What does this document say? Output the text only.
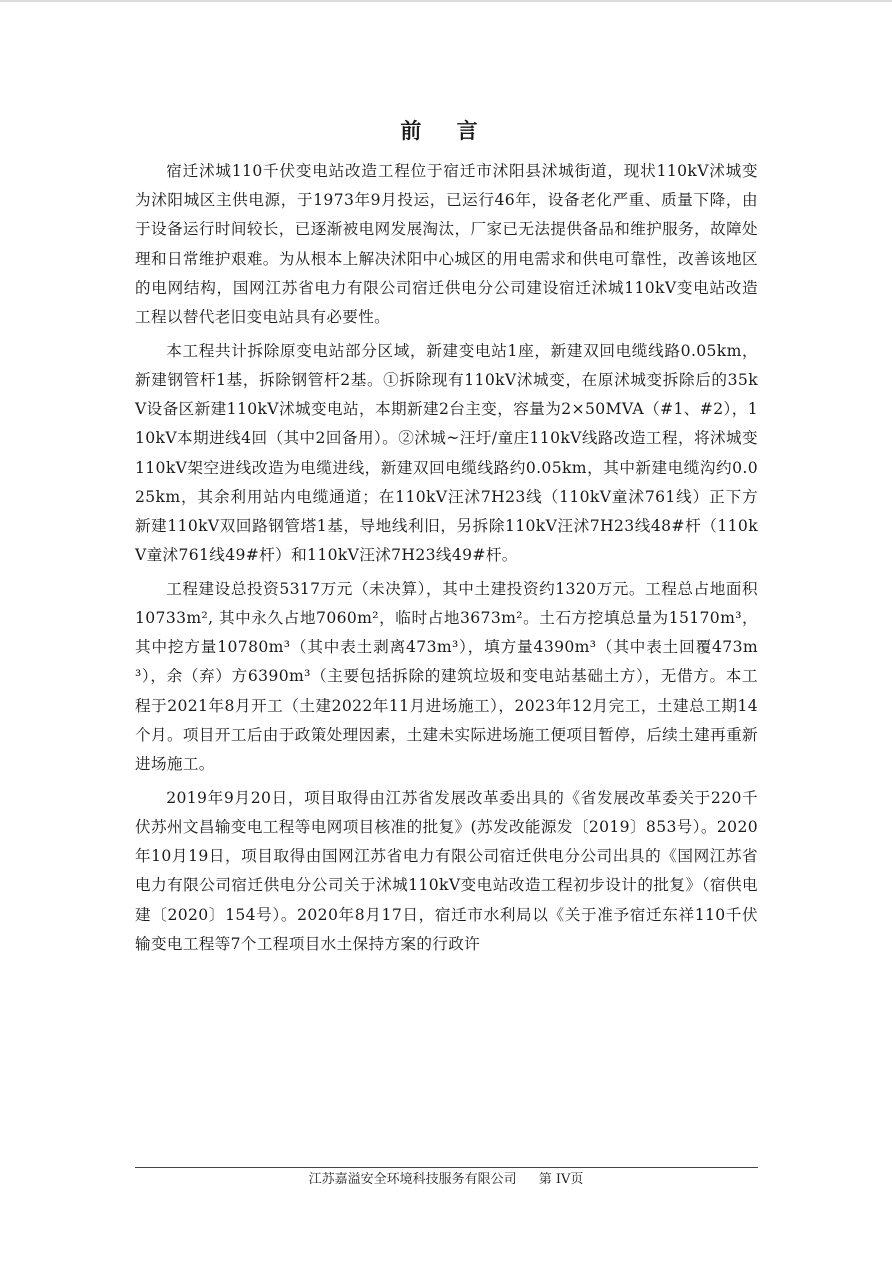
前 言

宿迁沭城110千伏变电站改造工程位于宿迁市沭阳县沭城街道，现状110kV沭城变为沭阳城区主供电源，于1973年9月投运，已运行46年，设备老化严重、质量下降，由于设备运行时间较长，已逐渐被电网发展淘汰，厂家已无法提供备品和维护服务，故障处理和日常维护艰难。为从根本上解决沭阳中心城区的用电需求和供电可靠性，改善该地区的电网结构，国网江苏省电力有限公司宿迁供电分公司建设宿迁沭城110kV变电站改造工程以替代老旧变电站具有必要性。

本工程共计拆除原变电站部分区域，新建变电站1座，新建双回电缆线路0.05km，新建钢管杆1基，拆除钢管杆2基。①拆除现有110kV沭城变，在原沭城变拆除后的35kV设备区新建110kV沭城变电站，本期新建2台主变，容量为2×50MVA（#1、#2），110kV本期进线4回（其中2回备用）。②沭城~汪圩/童庄110kV线路改造工程，将沭城变110kV架空进线改造为电缆进线，新建双回电缆线路约0.05km，其中新建电缆沟约0.025km，其余利用站内电缆通道；在110kV汪沭7H23线（110kV童沭761线）正下方新建110kV双回路钢管塔1基，导地线利旧，另拆除110kV汪沭7H23线48#杆（110kV童沭761线49#杆）和110kV汪沭7H23线49#杆。

工程建设总投资5317万元（未决算），其中土建投资约1320万元。工程总占地面积10733m², 其中永久占地7060m²，临时占地3673m²。土石方挖填总量为15170m³，其中挖方量10780m³（其中表土剥离473m³），填方量4390m³（其中表土回覆473m³），余（弃）方6390m³（主要包括拆除的建筑垃圾和变电站基础土方），无借方。本工程于2021年8月开工（土建2022年11月进场施工），2023年12月完工，土建总工期14个月。项目开工后由于政策处理因素，土建未实际进场施工便项目暂停，后续土建再重新进场施工。

2019年9月20日，项目取得由江苏省发展改革委出具的《省发展改革委关于220千伏苏州文昌输变电工程等电网项目核准的批复》(苏发改能源发〔2019〕853号）。2020年10月19日，项目取得由国网江苏省电力有限公司宿迁供电分公司出具的《国网江苏省电力有限公司宿迁供电分公司关于沭城110kV变电站改造工程初步设计的批复》（宿供电建〔2020〕154号）。2020年8月17日，宿迁市水利局以《关于准予宿迁东祥110千伏输变电工程等7个工程项目水土保持方案的行政许

江苏嘉溢安全环境科技服务有限公司 第 IV页
